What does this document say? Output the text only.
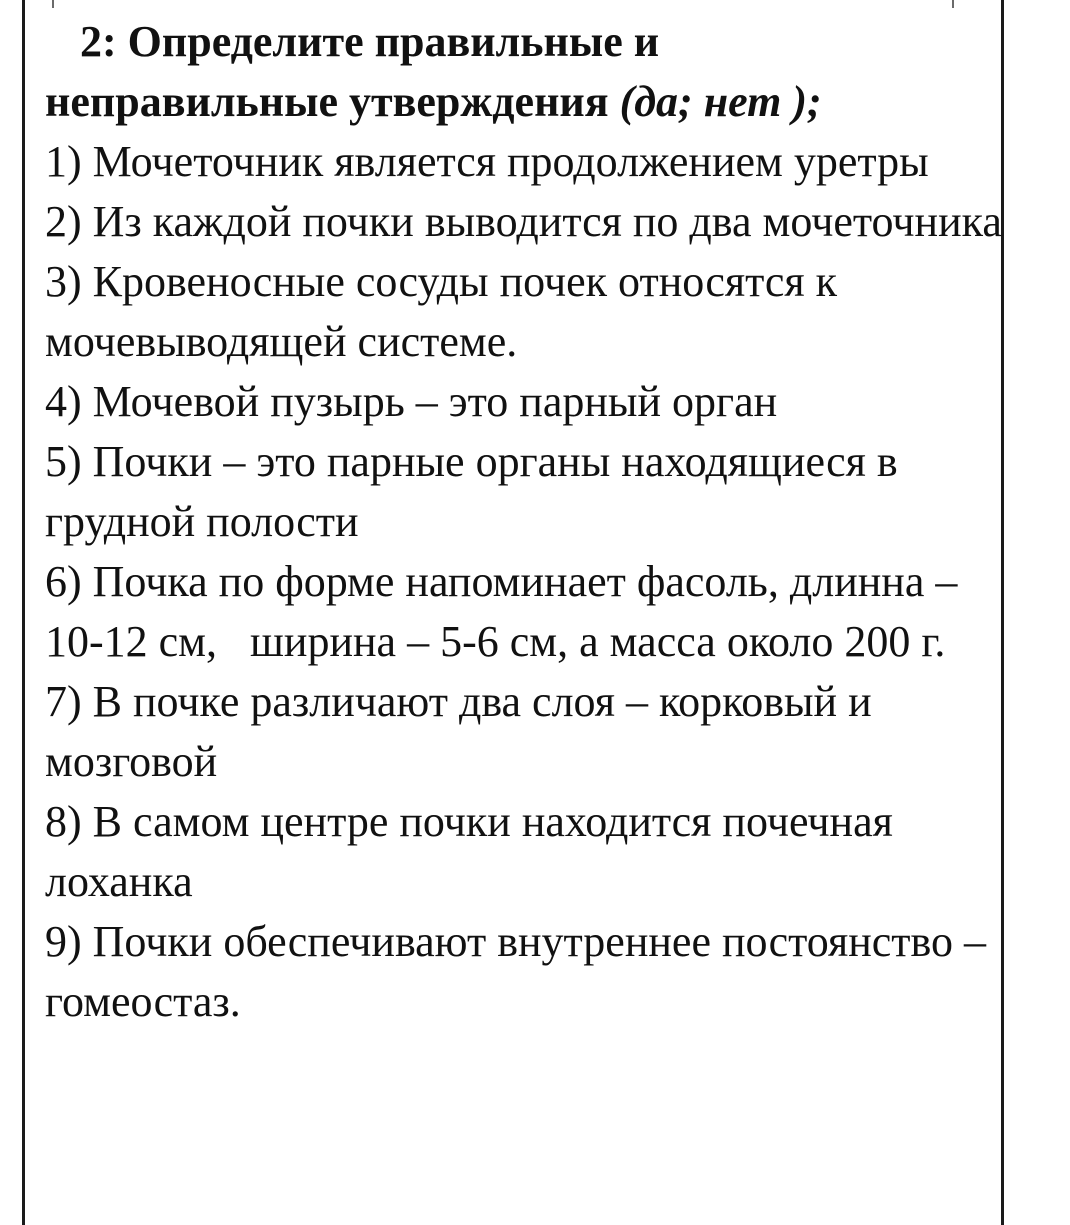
2: Определите правильные и
неправильные утверждения (да; нет );

1) Мочеточник является продолжением уретры

2) Из каждой почки выводится по два мочеточника

3) Кровеносные сосуды почек относятся к мочевыводящей системе.

4) Мочевой пузырь – это парный орган

5) Почки – это парные органы находящиеся в грудной полости

6) Почка по форме напоминает фасоль, длинна – 10-12 см,   ширина – 5-6 см, а масса около 200 г.

7) В почке различают два слоя – корковый и мозговой

8) В самом центре почки находится почечная лоханка

9) Почки обеспечивают внутреннее постоянство – гомеостаз.
